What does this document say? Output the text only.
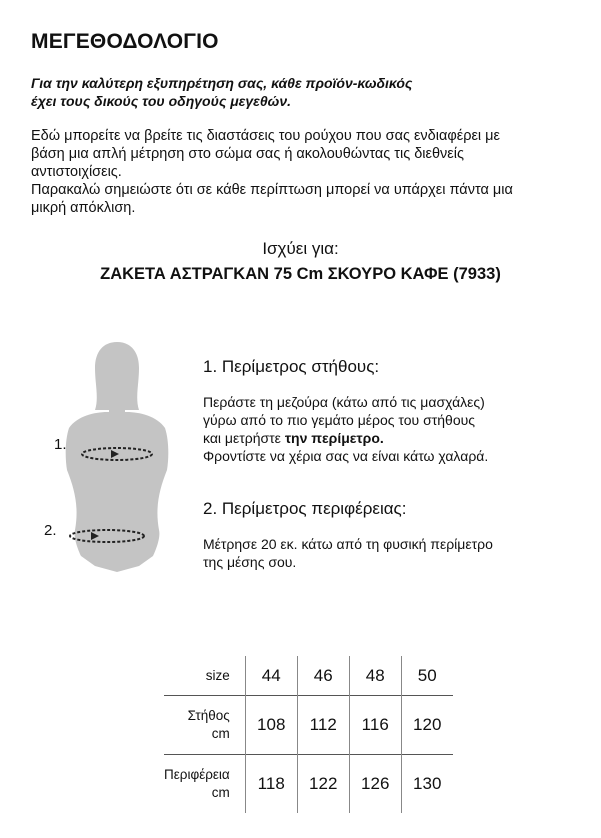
ΜΕΓΕΘΟΔΟΛΟΓΙΟ
Για την καλύτερη εξυπηρέτηση σας, κάθε προϊόν-κωδικός
έχει τους δικούς του οδηγούς μεγεθών.
Εδώ μπορείτε να βρείτε τις διαστάσεις του ρούχου που σας ενδιαφέρει με
βάση μια απλή μέτρηση στο σώμα σας ή ακολουθώντας τις διεθνείς
αντιστοιχίσεις.
Παρακαλώ σημειώστε ότι σε κάθε περίπτωση μπορεί να υπάρχει πάντα μια
μικρή απόκλιση.
Ισχύει για:
ΖΑΚΕΤΑ ΑΣΤΡΑΓΚΑΝ 75 Cm ΣΚΟΥΡΟ ΚΑΦΕ (7933)
1.
2.
1. Περίμετρος στήθους:
Περάστε τη μεζούρα (κάτω από τις μασχάλες)
γύρω από το πιο γεμάτο μέρος του στήθους
και μετρήστε την περίμετρο.
Φροντίστε να χέρια σας να είναι κάτω χαλαρά.
2. Περίμετρος περιφέρειας:
Μέτρησε 20 εκ. κάτω από τη φυσική περίμετρο
της μέσης σου.
size	44	46	48	50

Στήθος
cm	108	112	116	120

Περιφέρεια
cm	118	122	126	130
